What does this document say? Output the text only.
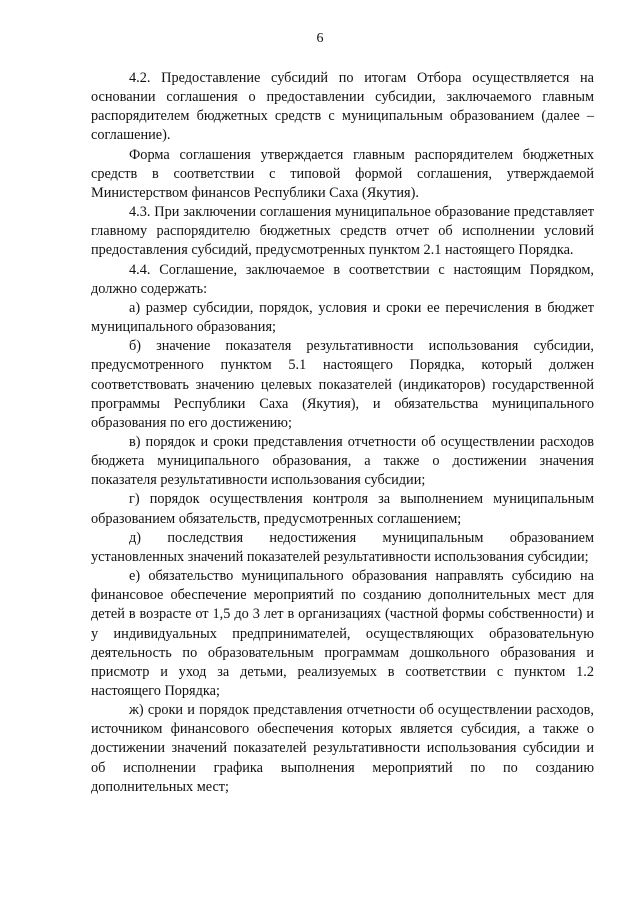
6

4.2. Предоставление субсидий по итогам Отбора осуществляется на основании соглашения о предоставлении субсидии, заключаемого главным распорядителем бюджетных средств с муниципальным образованием (далее – соглашение).

Форма соглашения утверждается главным распорядителем бюджетных средств в соответствии с типовой формой соглашения, утверждаемой Министерством финансов Республики Саха (Якутия).

4.3. При заключении соглашения муниципальное образование представляет главному распорядителю бюджетных средств отчет об исполнении условий предоставления субсидий, предусмотренных пунктом 2.1 настоящего Порядка.

4.4. Соглашение, заключаемое в соответствии с настоящим Порядком, должно содержать:

а) размер субсидии, порядок, условия и сроки ее перечисления в бюджет муниципального образования;

б) значение показателя результативности использования субсидии, предусмотренного пунктом 5.1 настоящего Порядка, который должен соответствовать значению целевых показателей (индикаторов) государственной программы Республики Саха (Якутия), и обязательства муниципального образования по его достижению;

в) порядок и сроки представления отчетности об осуществлении расходов бюджета муниципального образования, а также о достижении значения показателя результативности использования субсидии;

г) порядок осуществления контроля за выполнением муниципальным образованием обязательств, предусмотренных соглашением;

д) последствия недостижения муниципальным образованием установленных значений показателей результативности использования субсидии;

е) обязательство муниципального образования направлять субсидию на финансовое обеспечение мероприятий по созданию дополнительных мест для детей в возрасте от 1,5 до 3 лет в организациях (частной формы собственности) и у индивидуальных предпринимателей, осуществляющих образовательную деятельность по образовательным программам дошкольного образования и присмотр и уход за детьми, реализуемых в соответствии с пунктом 1.2 настоящего Порядка;

ж) сроки и порядок представления отчетности об осуществлении расходов, источником финансового обеспечения которых является субсидия, а также о достижении значений показателей результативности использования субсидии и об исполнении графика выполнения мероприятий по по созданию дополнительных мест;
